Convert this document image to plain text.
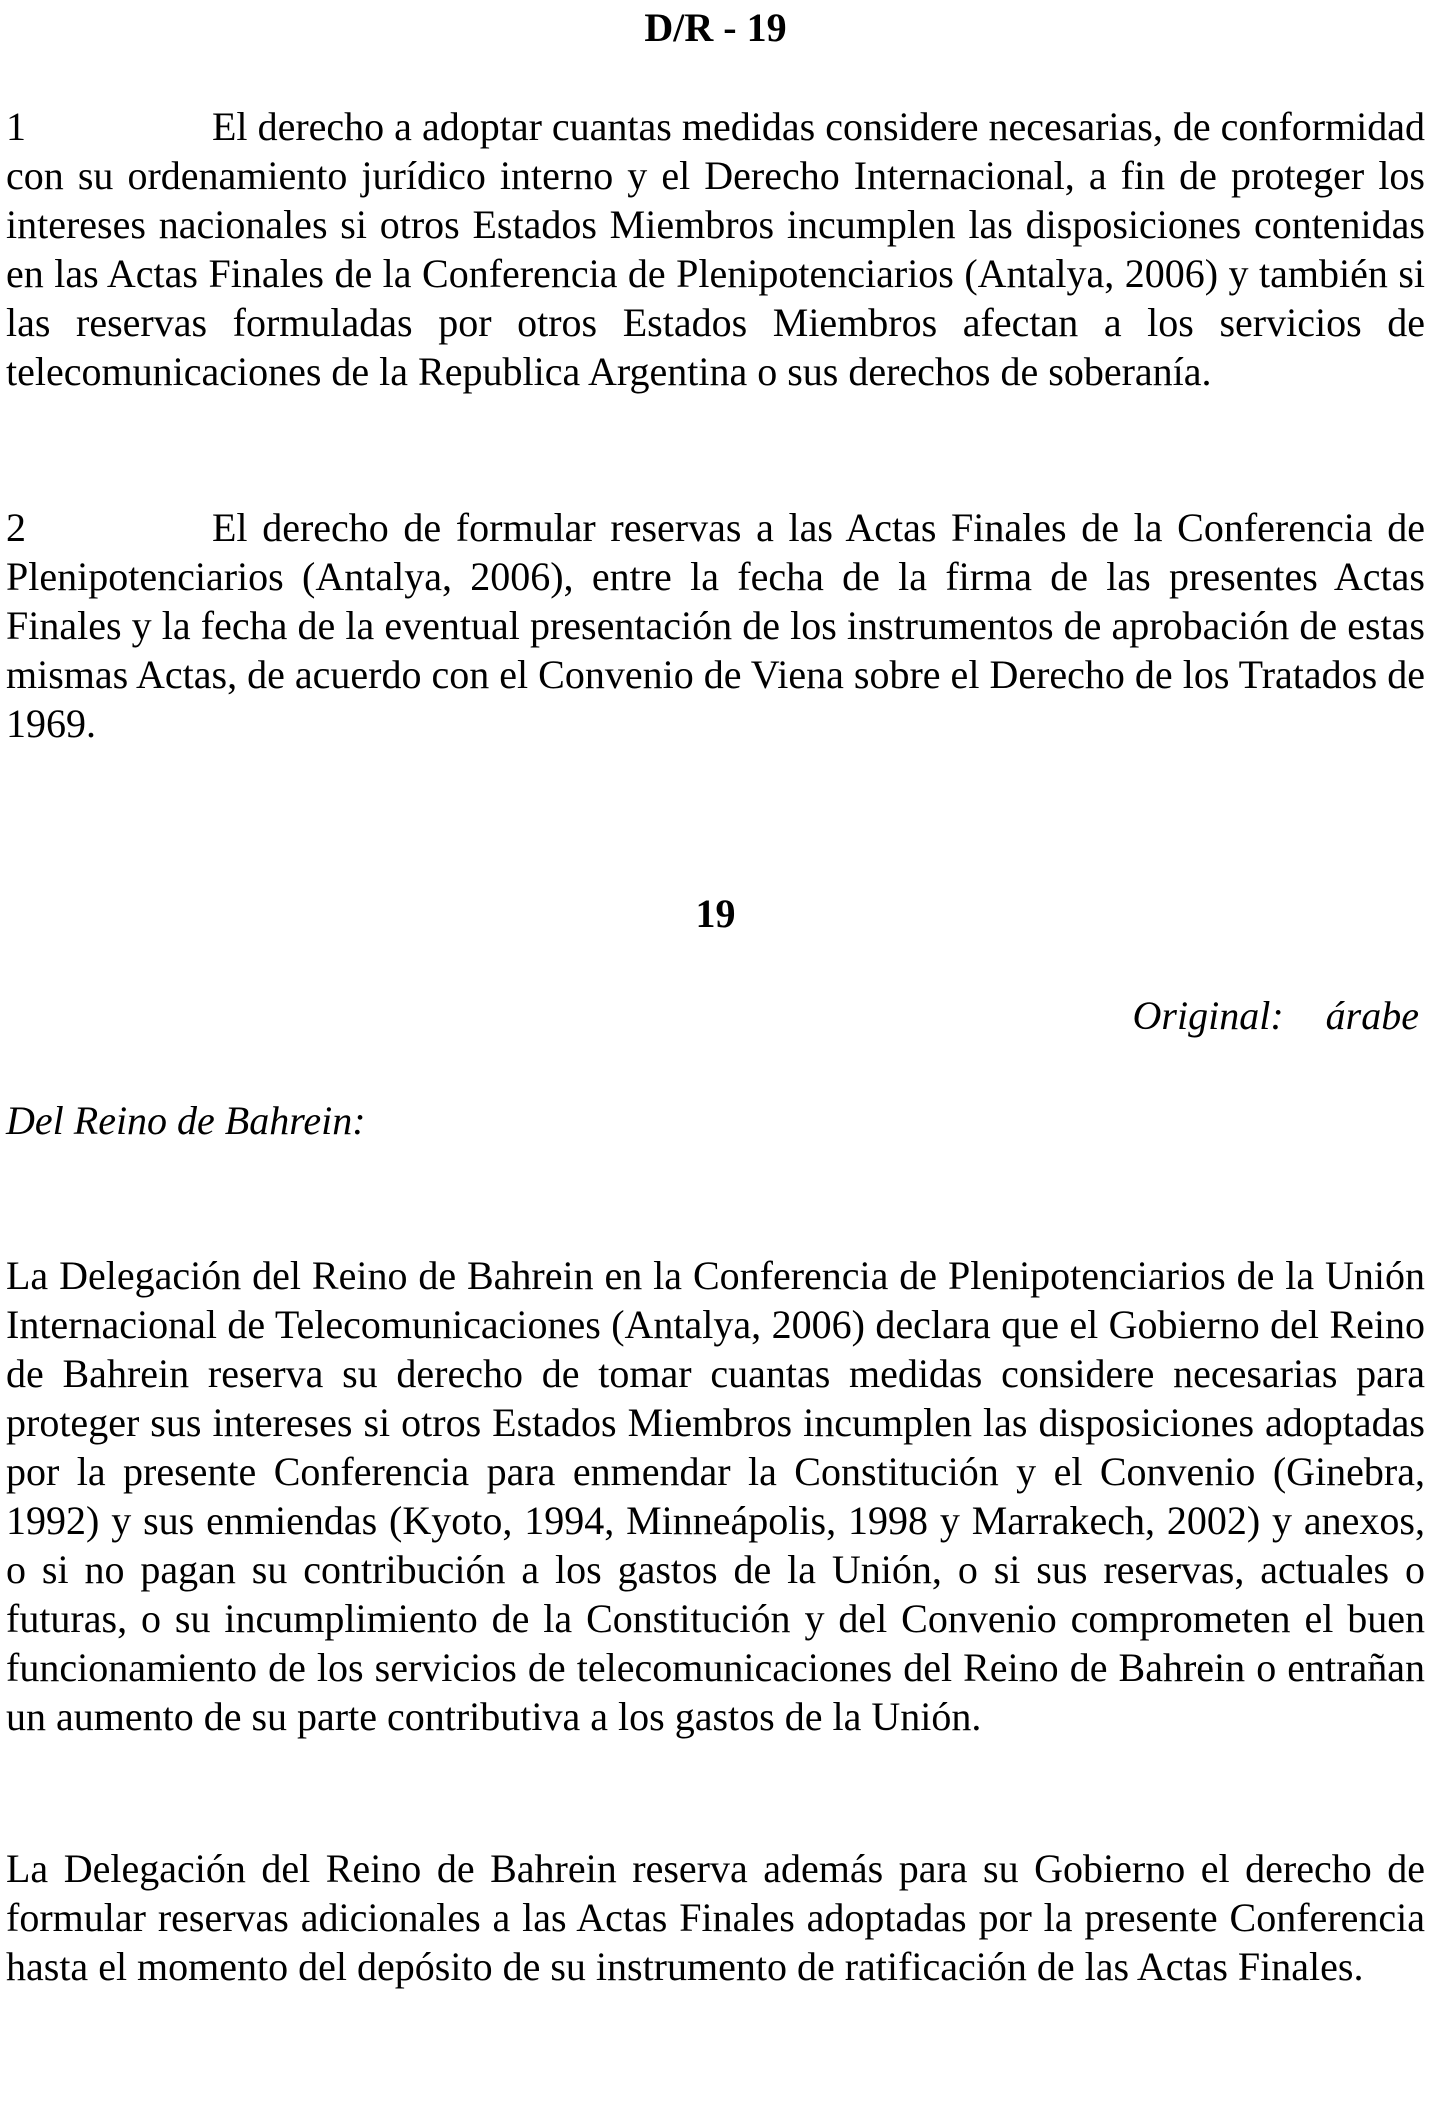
D/R - 19
1	El derecho a adoptar cuantas medidas considere necesarias, de conformidad con su ordenamiento jurídico interno y el Derecho Internacional, a fin de proteger los intereses nacionales si otros Estados Miembros incumplen las disposiciones contenidas en las Actas Finales de la Conferencia de Plenipotenciarios (Antalya, 2006) y también si las reservas formuladas por otros Estados Miembros afectan a los servicios de telecomunicaciones de la Republica Argentina o sus derechos de soberanía.
2	El derecho de formular reservas a las Actas Finales de la Conferencia de Plenipotenciarios (Antalya, 2006), entre la fecha de la firma de las presentes Actas Finales y la fecha de la eventual presentación de los instrumentos de aprobación de estas mismas Actas, de acuerdo con el Convenio de Viena sobre el Derecho de los Tratados de 1969.
19
Original: árabe
Del Reino de Bahrein:
La Delegación del Reino de Bahrein en la Conferencia de Plenipotenciarios de la Unión Internacional de Telecomunicaciones (Antalya, 2006) declara que el Gobierno del Reino de Bahrein reserva su derecho de tomar cuantas medidas considere necesarias para proteger sus intereses si otros Estados Miembros incumplen las disposiciones adoptadas por la presente Conferencia para enmendar la Constitución y el Convenio (Ginebra, 1992) y sus enmiendas (Kyoto, 1994, Minneápolis, 1998 y Marrakech, 2002) y anexos, o si no pagan su contribución a los gastos de la Unión, o si sus reservas, actuales o futuras, o su incumplimiento de la Constitución y del Convenio comprometen el buen funcionamiento de los servicios de telecomunicaciones del Reino de Bahrein o entrañan un aumento de su parte contributiva a los gastos de la Unión.
La Delegación del Reino de Bahrein reserva además para su Gobierno el derecho de formular reservas adicionales a las Actas Finales adoptadas por la presente Conferencia hasta el momento del depósito de su instrumento de ratificación de las Actas Finales.
